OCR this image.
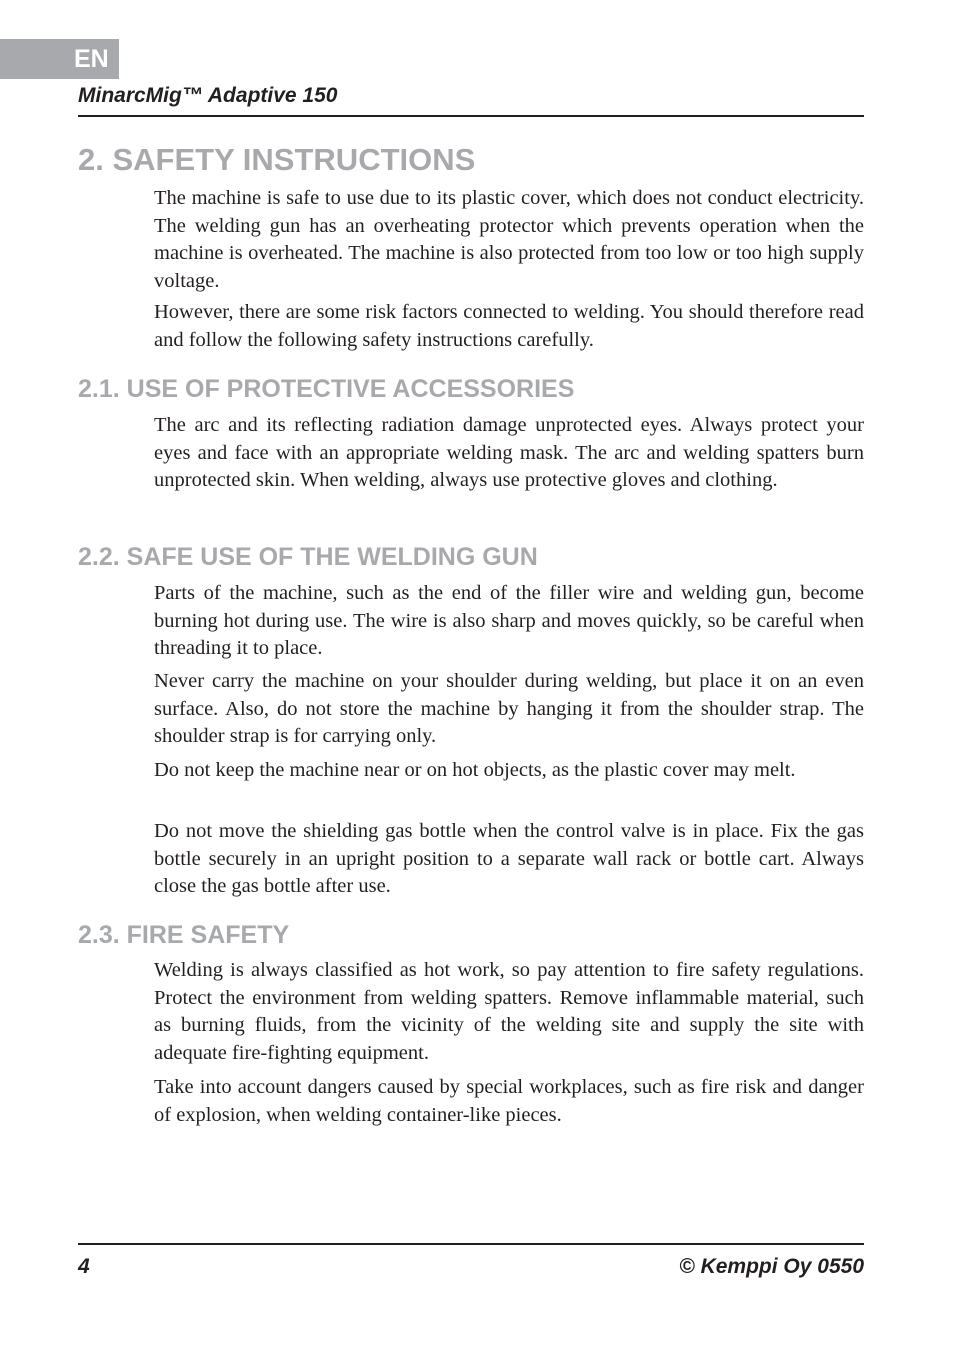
EN
MinarcMig™ Adaptive 150
2. SAFETY INSTRUCTIONS

The machine is safe to use due to its plastic cover, which does not conduct electricity. The welding gun has an overheating protector which prevents operation when the machine is overheated. The machine is also protected from too low or too high supply voltage.

However, there are some risk factors connected to welding. You should therefore read and follow the following safety instructions carefully.

2.1. USE OF PROTECTIVE ACCESSORIES

The arc and its reflecting radiation damage unprotected eyes. Always protect your eyes and face with an appropriate welding mask. The arc and welding spatters burn unprotected skin. When welding, always use protective gloves and clothing.

2.2. SAFE USE OF THE WELDING GUN

Parts of the machine, such as the end of the filler wire and welding gun, become burning hot during use. The wire is also sharp and moves quickly, so be careful when threading it to place.

Never carry the machine on your shoulder during welding, but place it on an even surface. Also, do not store the machine by hanging it from the shoulder strap. The shoulder strap is for carrying only.

Do not keep the machine near or on hot objects, as the plastic cover may melt.

Do not move the shielding gas bottle when the control valve is in place. Fix the gas bottle securely in an upright position to a separate wall rack or bottle cart. Always close the gas bottle after use.

2.3. FIRE SAFETY

Welding is always classified as hot work, so pay attention to fire safety regulations. Protect the environment from welding spatters. Remove inflammable material, such as burning fluids, from the vicinity of the welding site and supply the site with adequate fire-fighting equipment.

Take into account dangers caused by special workplaces, such as fire risk and danger of explosion, when welding container-like pieces.

4	© Kemppi Oy 0550
